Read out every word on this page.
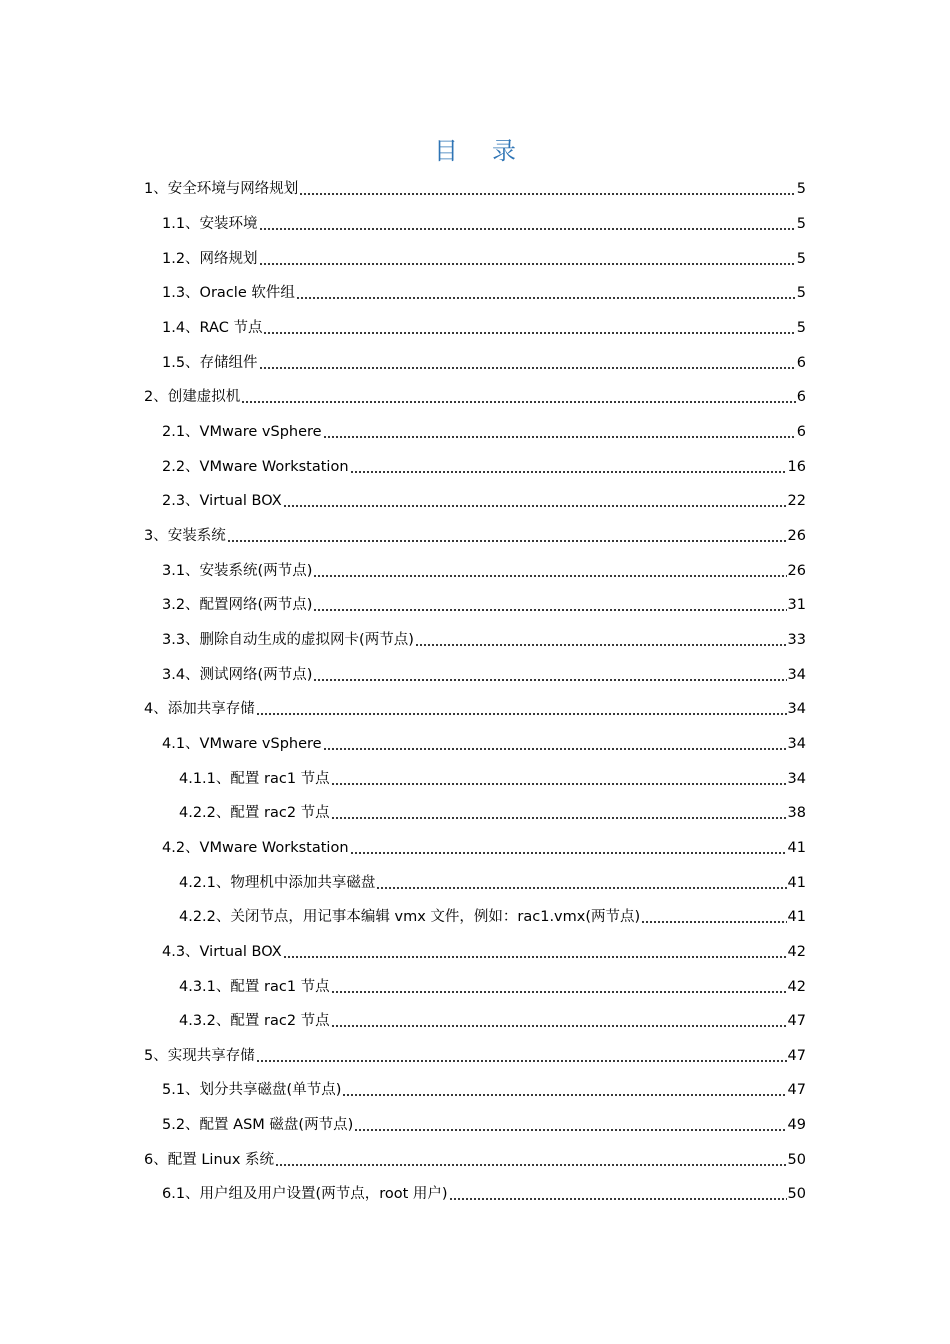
目录
1、安全环境与网络规划	5
1.1、安装环境	5
1.2、网络规划	5
1.3、Oracle 软件组	5
1.4、RAC 节点	5
1.5、存储组件	6
2、创建虚拟机	6
2.1、VMware vSphere	6
2.2、VMware Workstation	16
2.3、Virtual BOX	22
3、安装系统	26
3.1、安装系统(两节点)	26
3.2、配置网络(两节点)	31
3.3、删除自动生成的虚拟网卡(两节点)	33
3.4、测试网络(两节点)	34
4、添加共享存储	34
4.1、VMware vSphere	34
4.1.1、配置 rac1 节点	34
4.2.2、配置 rac2 节点	38
4.2、VMware Workstation	41
4.2.1、物理机中添加共享磁盘	41
4.2.2、关闭节点，用记事本编辑 vmx 文件，例如：rac1.vmx(两节点)	41
4.3、Virtual BOX	42
4.3.1、配置 rac1 节点	42
4.3.2、配置 rac2 节点	47
5、实现共享存储	47
5.1、划分共享磁盘(单节点)	47
5.2、配置 ASM 磁盘(两节点)	49
6、配置 Linux 系统	50
6.1、用户组及用户设置(两节点，root 用户)	50
